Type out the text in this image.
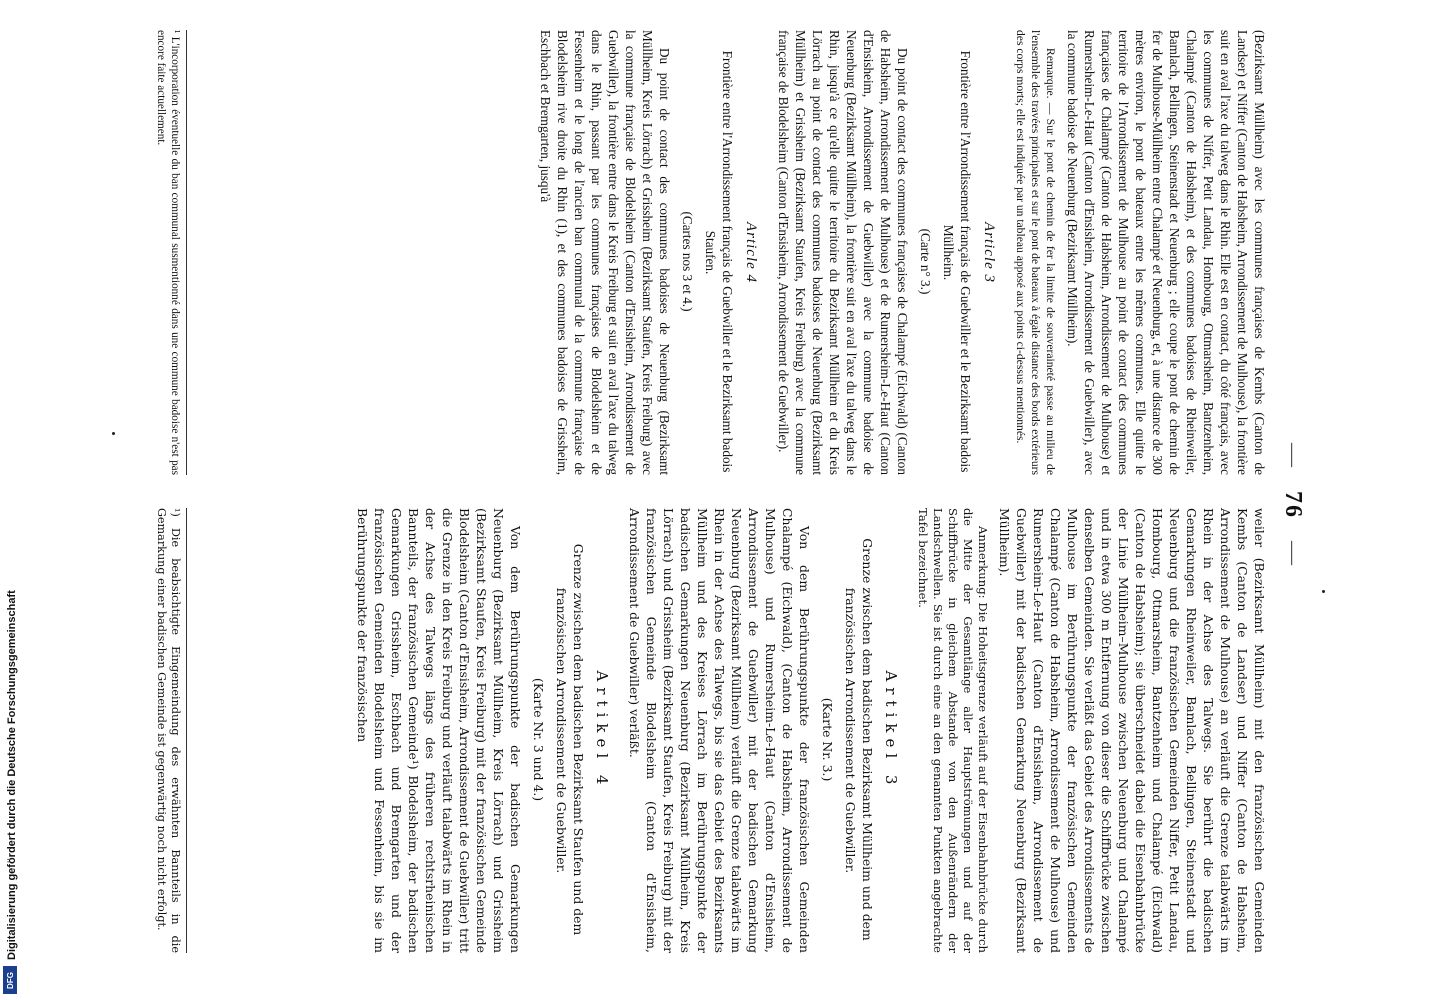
Digitalisierung gefördert durch die Deutsche Forschungsgemeinschaft
DFG
— 76 —

(Bezirksamt Müllheim) avec les communes françaises de Kembs (Canton de Landser) et Niffer (Canton de Habsheim, Arrondissement de Mulhouse), la frontière suit en aval l'axe du talweg dans le Rhin. Elle est en contact, du côté français, avec les communes de Niffer, Petit Landau, Hombourg, Ottmarsheim, Bantzenheim, Chalampé (Canton de Habsheim), et des communes badoises de Rheinweiler, Bamlach, Bellingen, Steinenstadt et Neuenburg ; elle coupe le pont de chemin de fer de Mulhouse-Müllheim entre Chalampé et Neuenburg, et, à une distance de 300 mètres environ, le pont de bateaux entre les mêmes communes. Elle quitte le territoire de l'Arrondissement de Mulhouse au point de contact des communes françaises de Chalampé (Canton de Habsheim, Arrondissement de Mulhouse) et Rumersheim-Le-Haut (Canton d'Ensisheim, Arrondissement de Guebwiller), avec la commune badoise de Neuenburg (Bezirksamt Müllheim).

Remarque. — Sur le pont de chemin de fer la limite de souveraineté passe au milieu de l'ensemble des travées principales et sur le pont de bateaux à égale distance des bords extérieurs des corps morts; elle est indiquée par un tableau apposé aux points ci-dessus mentionnés.

Article 3

Frontière entre l'Arrondissement français de Guebwiller et le Bezirksamt badois Müllheim.

(Carte n° 3.)

Du point de contact des communes françaises de Chalampé (Eichwald) (Canton de Habsheim, Arrondissement de Mulhouse) et de Rumersheim-Le-Haut (Canton d'Ensisheim, Arrondissement de Guebwiller) avec la commune badoise de Neuenburg (Bezirksamt Müllheim), la frontière suit en aval l'axe du talweg dans le Rhin, jusqu'à ce qu'elle quitte le territoire du Bezirksamt Müllheim et du Kreis Lörrach au point de contact des communes badoises de Neuenburg (Bezirksamt Müllheim) et Grissheim (Bezirksamt Staufen, Kreis Freiburg) avec la commune française de Blodelsheim (Canton d'Ensisheim, Arrondissement de Guebwiller).

Article 4

Frontière entre l'Arrondissement français de Guebwiller et le Bezirksamt badois Staufen.

(Cartes nos 3 et 4.)

Du point de contact des communes badoises de Neuenburg (Bezirksamt Müllheim, Kreis Lörrach) et Grissheim (Bezirksamt Staufen, Kreis Freiburg) avec la commune française de Blodelsheim (Canton d'Ensisheim, Arrondissement de Guebwiller), la frontière entre dans le Kreis Freiburg et suit en aval l'axe du talweg dans le Rhin, passant par les communes françaises de Blodelsheim et de Fessenheim et le long de l'ancien ban communal de la commune française de Blodelsheim rive droite du Rhin (1), et des communes badoises de Grissheim, Eschbach et Bremgarten, jusqu'à

¹ L'incorporation éventuelle du ban communal susmentionné dans une commune badoise n'est pas encore faite actuellement.

weiler (Bezirksamt Müllheim) mit den französischen Gemeinden Kembs (Canton de Landser) und Niffer (Canton de Habsheim, Arrondissement de Mulhouse) an verläuft die Grenze talabwärts im Rhein in der Achse des Talwegs. Sie berührt die badischen Gemarkungen Rheinweiler, Bamlach, Bellingen, Steinenstadt und Neuenburg und die französischen Gemeinden Niffer, Petit Landau, Hombourg, Ottmarsheim, Bantzenheim und Chalampé (Eichwald) (Canton de Habsheim); sie überschneidet dabei die Eisenbahnbrücke der Linie Müllheim–Mulhouse zwischen Neuenburg und Chalampé und in etwa 300 m Entfernung von dieser die Schiffbrücke zwischen denselben Gemeinden. Sie verläßt das Gebiet des Arrondissements de Mulhouse im Berührungspunkte der französischen Gemeinden Chalampé (Canton de Habsheim, Arrondissement de Mulhouse) und Rumersheim-Le-Haut (Canton d'Ensisheim, Arrondissement de Guebwiller) mit der badischen Gemarkung Neuenburg (Bezirksamt Müllheim).

Anmerkung: Die Hoheitsgrenze verläuft auf der Eisenbahnbrücke durch die Mitte der Gesamtlänge aller Hauptströmungen und auf der Schiffbrücke in gleichem Abstande von den Außenrändern der Landschwellen. Sie ist durch eine an den genannten Punkten angebrachte Tafel bezeichnet.

Artikel 3

Grenze zwischen dem badischen Bezirksamt Müllheim und dem französischen Arrondissement de Guebwiller.

(Karte Nr. 3.)

Von dem Berührungspunkte der französischen Gemeinden Chalampé (Eichwald), (Canton de Habsheim, Arrondissement de Mulhouse) und Rumersheim-Le-Haut (Canton d'Ensisheim, Arrondissement de Guebwiller) mit der badischen Gemarkung Neuenburg (Bezirksamt Müllheim) verläuft die Grenze talabwärts im Rhein in der Achse des Talwegs, bis sie das Gebiet des Bezirksamts Müllheim und des Kreises Lörrach im Berührungspunkte der badischen Gemarkungen Neuenburg (Bezirksamt Müllheim, Kreis Lörrach) und Grissheim (Bezirksamt Staufen, Kreis Freiburg) mit der französischen Gemeinde Blodelsheim (Canton d'Ensisheim, Arrondissement de Guebwiller) verläßt.

Artikel 4

Grenze zwischen dem badischen Bezirksamt Staufen und dem französischen Arrondissement de Guebwiller.

(Karte Nr. 3 und 4.)

Von dem Berührungspunkte der badischen Gemarkungen Neuenburg (Bezirksamt Müllheim, Kreis Lörrach) und Grissheim (Bezirksamt Staufen, Kreis Freiburg) mit der französischen Gemeinde Blodelsheim (Canton d'Ensisheim, Arrondissement de Guebwiller) tritt die Grenze in den Kreis Freiburg und verläuft talabwärts im Rhein in der Achse des Talwegs längs des früheren rechtsrheinischen Bannteils, der französischen Gemeinde¹) Blodelsheim, der badischen Gemarkungen Grissheim, Eschbach und Bremgarten und der französischen Gemeinden Blodelsheim und Fessenheim, bis sie im Berührungspunkte der französischen

¹) Die beabsichtigte Eingemeindung des erwähnten Bannteils in die Gemarkung einer badischen Gemeinde ist gegenwärtig noch nicht erfolgt.
